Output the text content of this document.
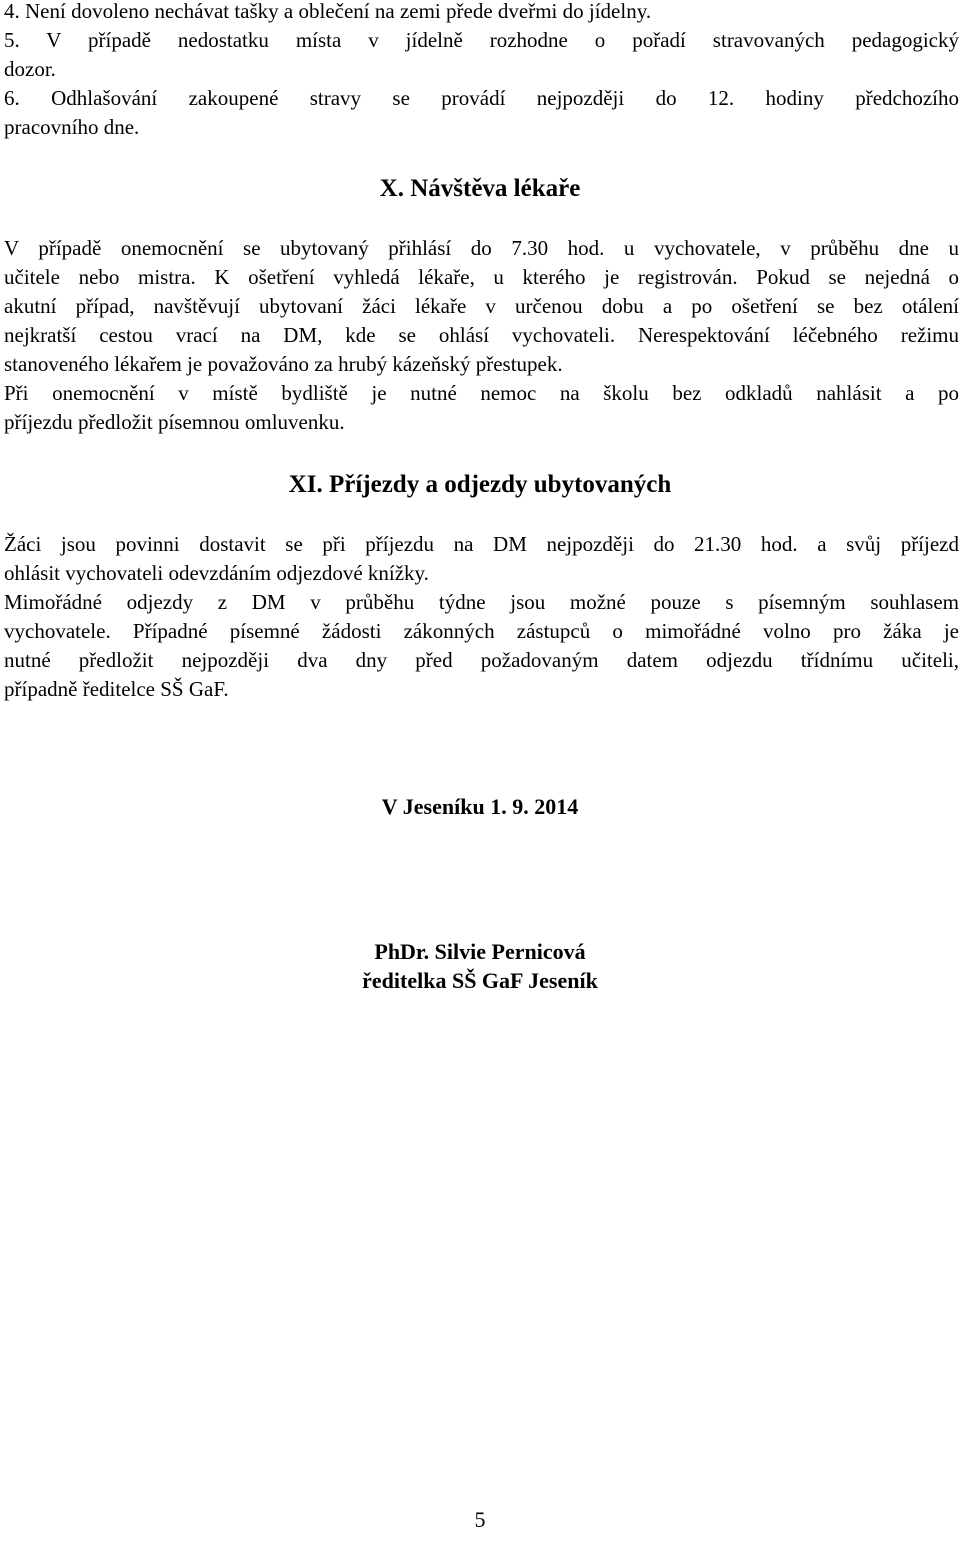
4. Není dovoleno nechávat tašky a oblečení na zemi přede dveřmi do jídelny.
5. V případě nedostatku místa v jídelně rozhodne o pořadí stravovaných pedagogický
dozor.
6. Odhlašování zakoupené stravy se provádí nejpozději do 12. hodiny předchozího
pracovního dne.
X. Návštěva lékaře
V případě onemocnění se ubytovaný přihlásí do 7.30 hod. u vychovatele, v průběhu dne u
učitele nebo mistra. K ošetření vyhledá lékaře, u kterého je registrován. Pokud se nejedná o
akutní případ, navštěvují ubytovaní žáci lékaře v určenou dobu a po ošetření se bez otálení
nejkratší cestou vrací na DM, kde se ohlásí vychovateli. Nerespektování léčebného režimu
stanoveného lékařem je považováno za hrubý kázeňský přestupek.
Při onemocnění v místě bydliště je nutné nemoc na školu bez odkladů nahlásit a po
příjezdu předložit písemnou omluvenku.
XI. Příjezdy a odjezdy ubytovaných
Žáci jsou povinni dostavit se při příjezdu na DM nejpozději do 21.30 hod. a svůj příjezd
ohlásit vychovateli odevzdáním odjezdové knížky.
Mimořádné odjezdy z DM v průběhu týdne jsou možné pouze s písemným souhlasem
vychovatele. Případné písemné žádosti zákonných zástupců o mimořádné volno pro žáka je
nutné předložit nejpozději dva dny před požadovaným datem odjezdu třídnímu učiteli,
případně ředitelce SŠ GaF.
V Jeseníku 1. 9. 2014
PhDr. Silvie Pernicová
ředitelka SŠ GaF Jeseník
5
